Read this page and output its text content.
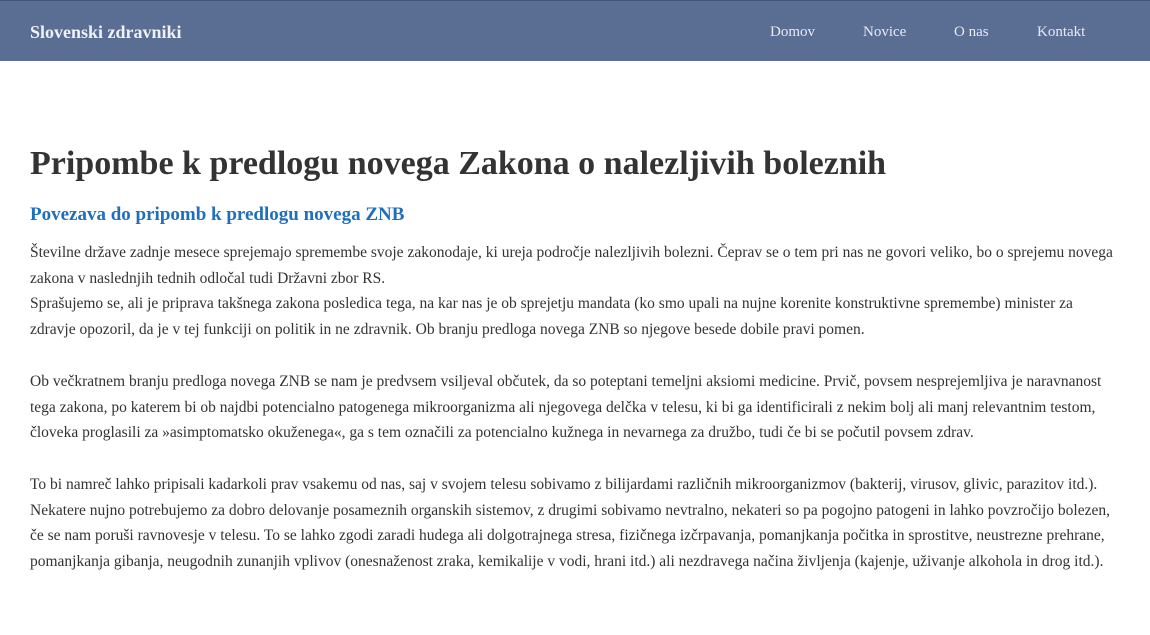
Slovenski zdravniki	Domov	Novice	O nas	Kontakt
Pripombe k predlogu novega Zakona o nalezljivih boleznih
Povezava do pripomb k predlogu novega ZNB

Številne države zadnje mesece sprejemajo spremembe svoje zakonodaje, ki ureja področje nalezljivih bolezni. Čeprav se o tem pri nas ne govori veliko, bo o sprejemu novega zakona v naslednjih tednih odločal tudi Državni zbor RS.

Sprašujemo se, ali je priprava takšnega zakona posledica tega, na kar nas je ob sprejetju mandata (ko smo upali na nujne korenite konstruktivne spremembe) minister za zdravje opozoril, da je v tej funkciji on politik in ne zdravnik. Ob branju predloga novega ZNB so njegove besede dobile pravi pomen.

Ob večkratnem branju predloga novega ZNB se nam je predvsem vsiljeval občutek, da so poteptani temeljni aksiomi medicine. Prvič, povsem nesprejemljiva je naravnanost tega zakona, po katerem bi ob najdbi potencialno patogenega mikroorganizma ali njegovega delčka v telesu, ki bi ga identificirali z nekim bolj ali manj relevantnim testom, človeka proglasili za »asimptomatsko okuženega«, ga s tem označili za potencialno kužnega in nevarnega za družbo, tudi če bi se počutil povsem zdrav.

To bi namreč lahko pripisali kadarkoli prav vsakemu od nas, saj v svojem telesu sobivamo z bilijardami različnih mikroorganizmov (bakterij, virusov, glivic, parazitov itd.). Nekatere nujno potrebujemo za dobro delovanje posameznih organskih sistemov, z drugimi sobivamo nevtralno, nekateri so pa pogojno patogeni in lahko povzročijo bolezen, če se nam poruši ravnovesje v telesu. To se lahko zgodi zaradi hudega ali dolgotrajnega stresa, fizičnega izčrpavanja, pomanjkanja počitka in sprostitve, neustrezne prehrane, pomanjkanja gibanja, neugodnih zunanjih vplivov (onesnaženost zraka, kemikalije v vodi, hrani itd.) ali nezdravega načina življenja (kajenje, uživanje alkohola in drog itd.).
